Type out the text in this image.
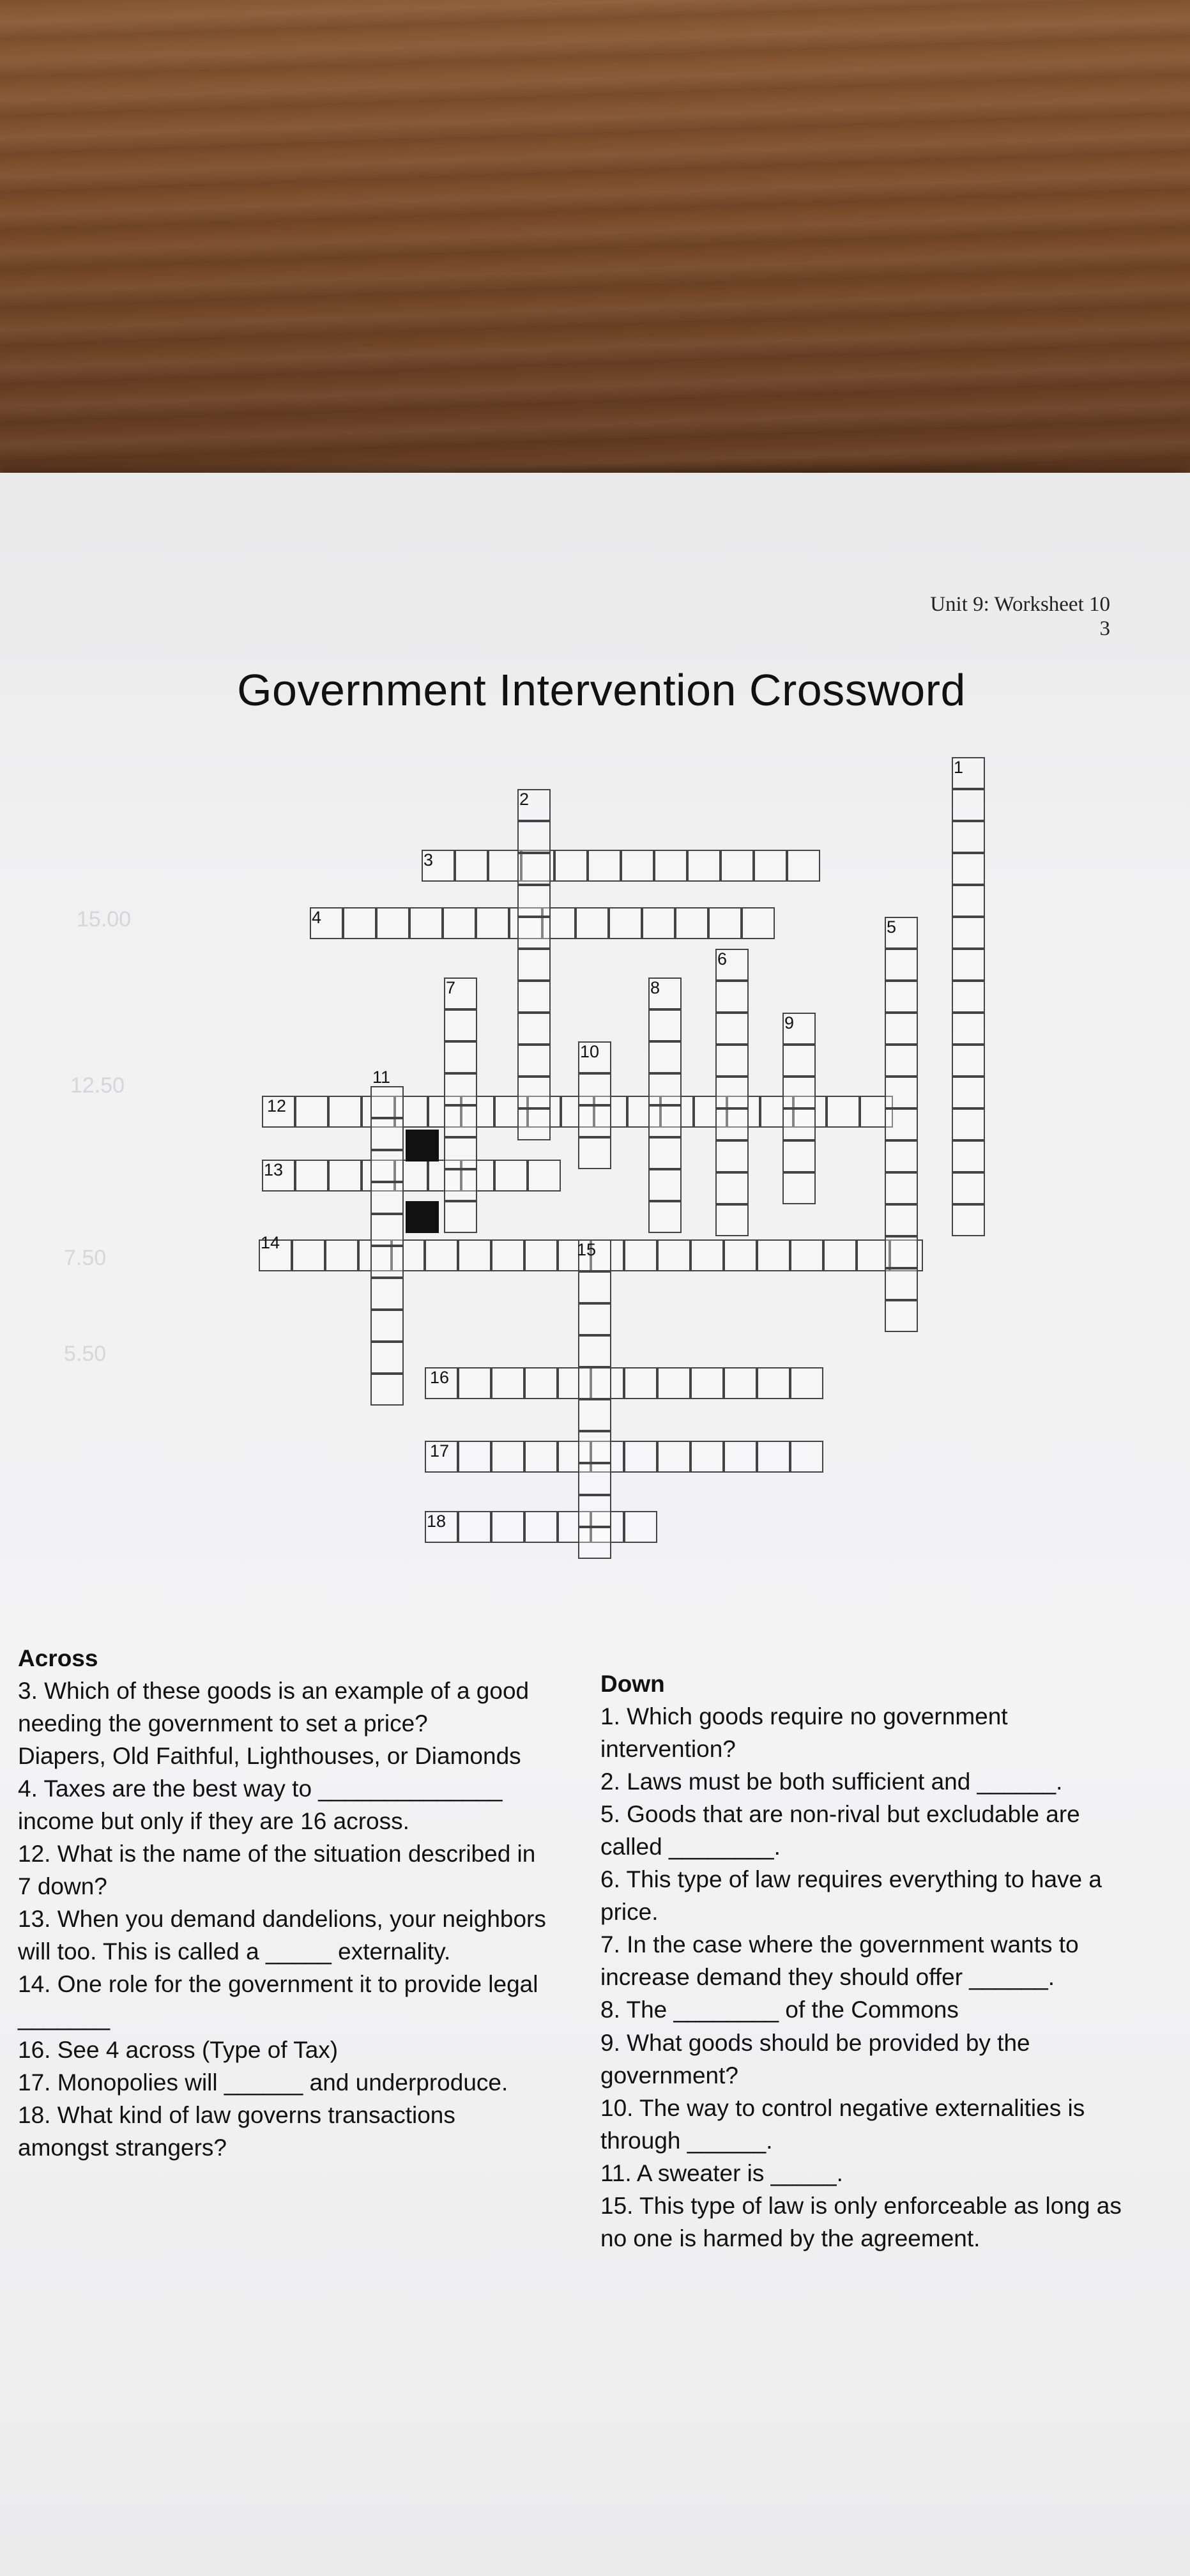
15.00
12.50
7.50
5.50
Unit 9: Worksheet 10
3
Government Intervention Crossword
1
2
3
4	5
6
7	8
9
10
11
12
13
14	15
16
17
18
Across
3. Which of these goods is an example of a good
needing the government to set a price?
Diapers, Old Faithful, Lighthouses, or Diamonds
4. Taxes are the best way to ______________
income but only if they are 16 across.
12. What is the name of the situation described in
7 down?
13. When you demand dandelions, your neighbors
will too. This is called a _____ externality.
14. One role for the government it to provide legal
_______
16. See 4 across (Type of Tax)
17. Monopolies will ______ and underproduce.
18. What kind of law governs transactions
amongst strangers?
Down
1. Which goods require no government
intervention?
2. Laws must be both sufficient and ______.
5. Goods that are non-rival but excludable are
called ________.
6. This type of law requires everything to have a
price.
7. In the case where the government wants to
increase demand they should offer ______.
8. The ________ of the Commons
9. What goods should be provided by the
government?
10. The way to control negative externalities is
through ______.
11. A sweater is _____.
15. This type of law is only enforceable as long as
no one is harmed by the agreement.
